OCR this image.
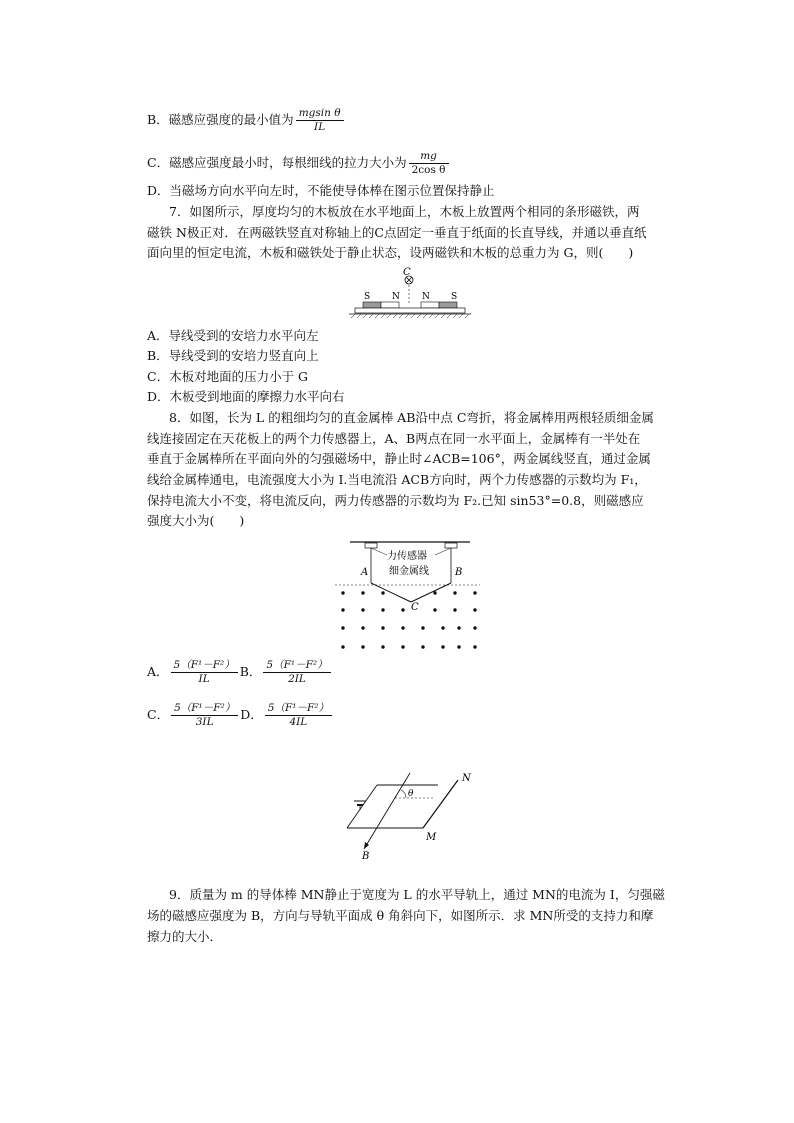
B．磁感应强度的最小值为 $\frac{\text{mgsin θ}}{IL}$
C．磁感应强度最小时，每根细线的拉力大小为 $\frac{mg}{\text{2cos θ}}$
D．当磁场方向水平向左时，不能使导体棒在图示位置保持静止
7．如图所示，厚度均匀的木板放在水平地面上，木板上放置两个相同的条形磁铁，两
磁铁 N极正对．在两磁铁竖直对称轴上的C点固定一垂直于纸面的长直导线，并通以垂直纸
面向里的恒定电流，木板和磁铁处于静止状态，设两磁铁和木板的总重力为 G，则(　　)
C
S N N S
A．导线受到的安培力水平向左
B．导线受到的安培力竖直向上
C．木板对地面的压力小于 G
D．木板受到地面的摩擦力水平向右
8．如图，长为 L 的粗细均匀的直金属棒 AB沿中点 C弯折，将金属棒用两根轻质细金属
线连接固定在天花板上的两个力传感器上，A、B两点在同一水平面上，金属棒有一半处在
垂直于金属棒所在平面向外的匀强磁场中，静止时∠ACB=106°，两金属线竖直，通过金属
线给金属棒通电，电流强度大小为 I.当电流沿 ACB方向时，两个力传感器的示数均为 F₁，
保持电流大小不变，将电流反向，两力传感器的示数均为 F₂.已知 sin53°=0.8，则磁感应
强度大小为(　　)
力传感器
细金属线
A	B
C
A． $\frac{\text{5（F¹－F²）}}{IL}$ B． $\frac{\text{5（F¹－F²）}}{2IL}$
C． $\frac{\text{5（F¹－F²）}}{3IL}$ D． $\frac{\text{5（F¹－F²）}}{4IL}$
N
M
B
θ
9．质量为 m 的导体棒 MN静止于宽度为 L 的水平导轨上，通过 MN的电流为 I，匀强磁
场的磁感应强度为 B，方向与导轨平面成 θ 角斜向下，如图所示．求 MN所受的支持力和摩
擦力的大小．
